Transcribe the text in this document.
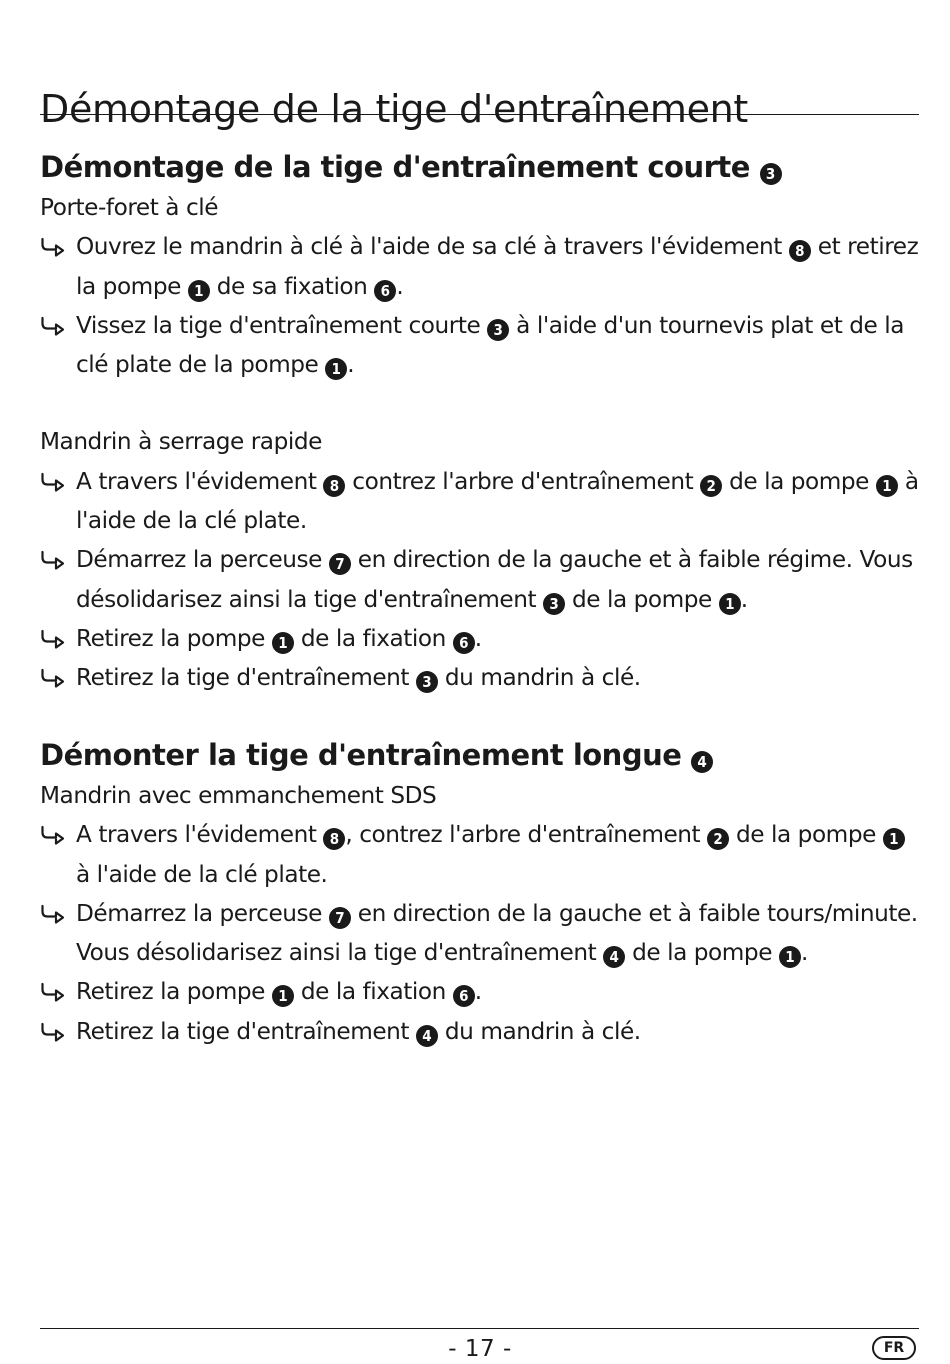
Démontage de la tige d'entraînement
Démontage de la tige d'entraînement courte 3
Porte-foret à clé
Ouvrez le mandrin à clé à l'aide de sa clé à travers l'évidement 8 et retirez la pompe 1 de sa fixation 6 .
Vissez la tige d'entraînement courte 3 à l'aide d'un tournevis plat et de la clé plate de la pompe 1 .
Mandrin à serrage rapide
A travers l'évidement 8 contrez l'arbre d'entraînement 2 de la pompe 1 à l'aide de la clé plate.
Démarrez la perceuse 7 en direction de la gauche et à faible régime. Vous désolidarisez ainsi la tige d'entraînement 3 de la pompe 1 .
Retirez la pompe 1 de la fixation 6 .
Retirez la tige d'entraînement 3 du mandrin à clé.
Démonter la tige d'entraînement longue 4
Mandrin avec emmanchement SDS
A travers l'évidement 8 , contrez l'arbre d'entraînement 2 de la pompe 1 à l'aide de la clé plate.
Démarrez la perceuse 7 en direction de la gauche et à faible tours/minute. Vous désolidarisez ainsi la tige d'entraînement 4 de la pompe 1 .
Retirez la pompe 1 de la fixation 6 .
Retirez la tige d'entraînement 4 du mandrin à clé.
- 17 -	FR
